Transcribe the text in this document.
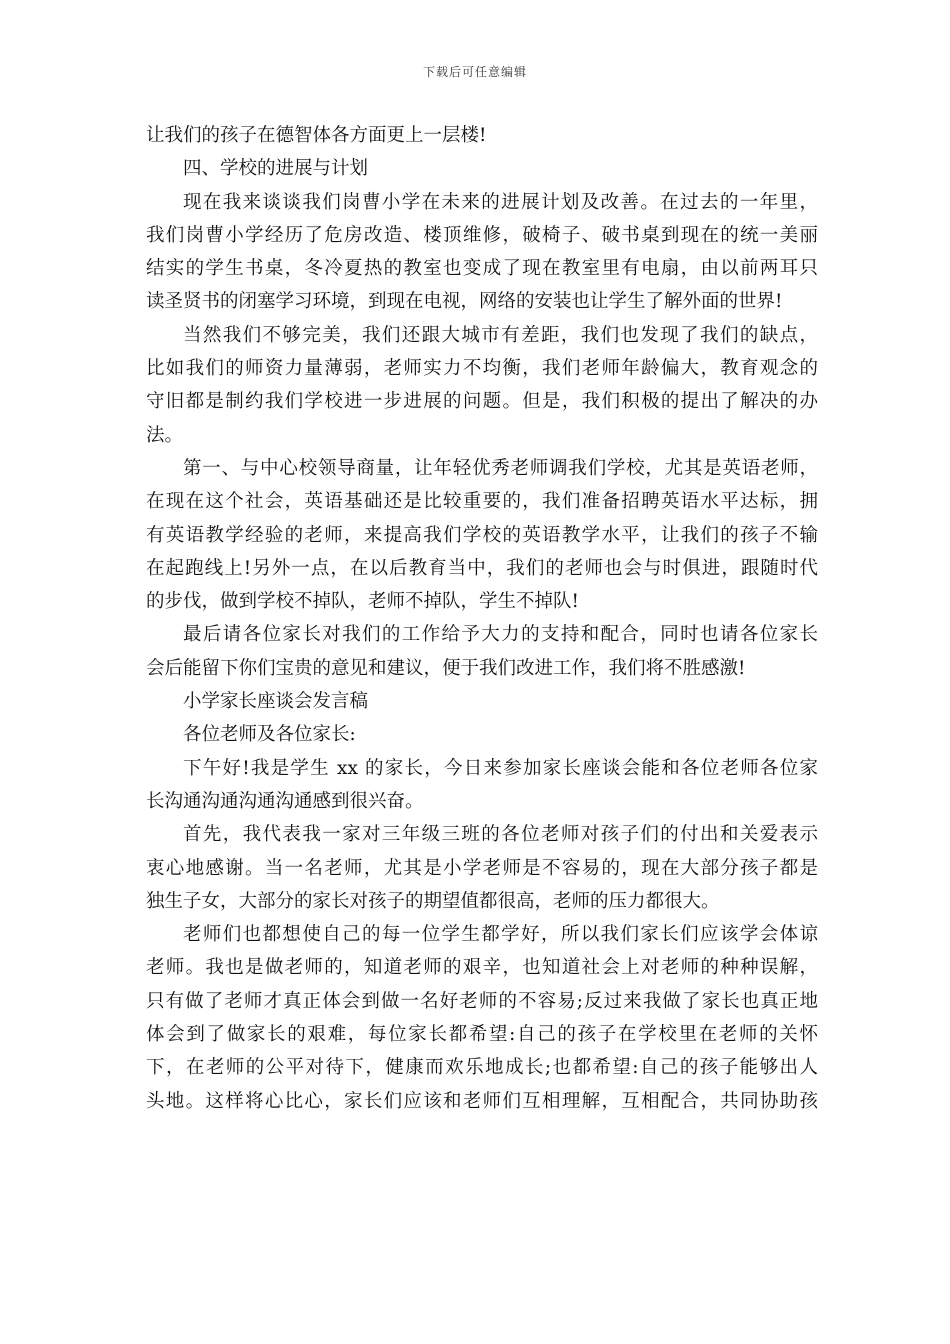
下载后可任意编辑
让我们的孩子在德智体各方面更上一层楼!
四、学校的进展与计划
现在我来谈谈我们岗曹小学在未来的进展计划及改善。在过去的一年里，
我们岗曹小学经历了危房改造、楼顶维修，破椅子、破书桌到现在的统一美丽
结实的学生书桌，冬冷夏热的教室也变成了现在教室里有电扇，由以前两耳只
读圣贤书的闭塞学习环境，到现在电视，网络的安装也让学生了解外面的世界!
当然我们不够完美，我们还跟大城市有差距，我们也发现了我们的缺点，
比如我们的师资力量薄弱，老师实力不均衡，我们老师年龄偏大，教育观念的
守旧都是制约我们学校进一步进展的问题。但是，我们积极的提出了解决的办
法。
第一、与中心校领导商量，让年轻优秀老师调我们学校，尤其是英语老师，
在现在这个社会，英语基础还是比较重要的，我们准备招聘英语水平达标，拥
有英语教学经验的老师，来提高我们学校的英语教学水平，让我们的孩子不输
在起跑线上!另外一点，在以后教育当中，我们的老师也会与时俱进，跟随时代
的步伐，做到学校不掉队，老师不掉队，学生不掉队!
最后请各位家长对我们的工作给予大力的支持和配合，同时也请各位家长
会后能留下你们宝贵的意见和建议，便于我们改进工作，我们将不胜感激!
小学家长座谈会发言稿
各位老师及各位家长:
下午好!我是学生 xx 的家长，今日来参加家长座谈会能和各位老师各位家
长沟通沟通沟通沟通感到很兴奋。
首先，我代表我一家对三年级三班的各位老师对孩子们的付出和关爱表示
衷心地感谢。当一名老师，尤其是小学老师是不容易的，现在大部分孩子都是
独生子女，大部分的家长对孩子的期望值都很高，老师的压力都很大。
老师们也都想使自己的每一位学生都学好，所以我们家长们应该学会体谅
老师。我也是做老师的，知道老师的艰辛，也知道社会上对老师的种种误解，
只有做了老师才真正体会到做一名好老师的不容易;反过来我做了家长也真正地
体会到了做家长的艰难，每位家长都希望:自己的孩子在学校里在老师的关怀
下，在老师的公平对待下，健康而欢乐地成长;也都希望:自己的孩子能够出人
头地。这样将心比心，家长们应该和老师们互相理解，互相配合，共同协助孩
